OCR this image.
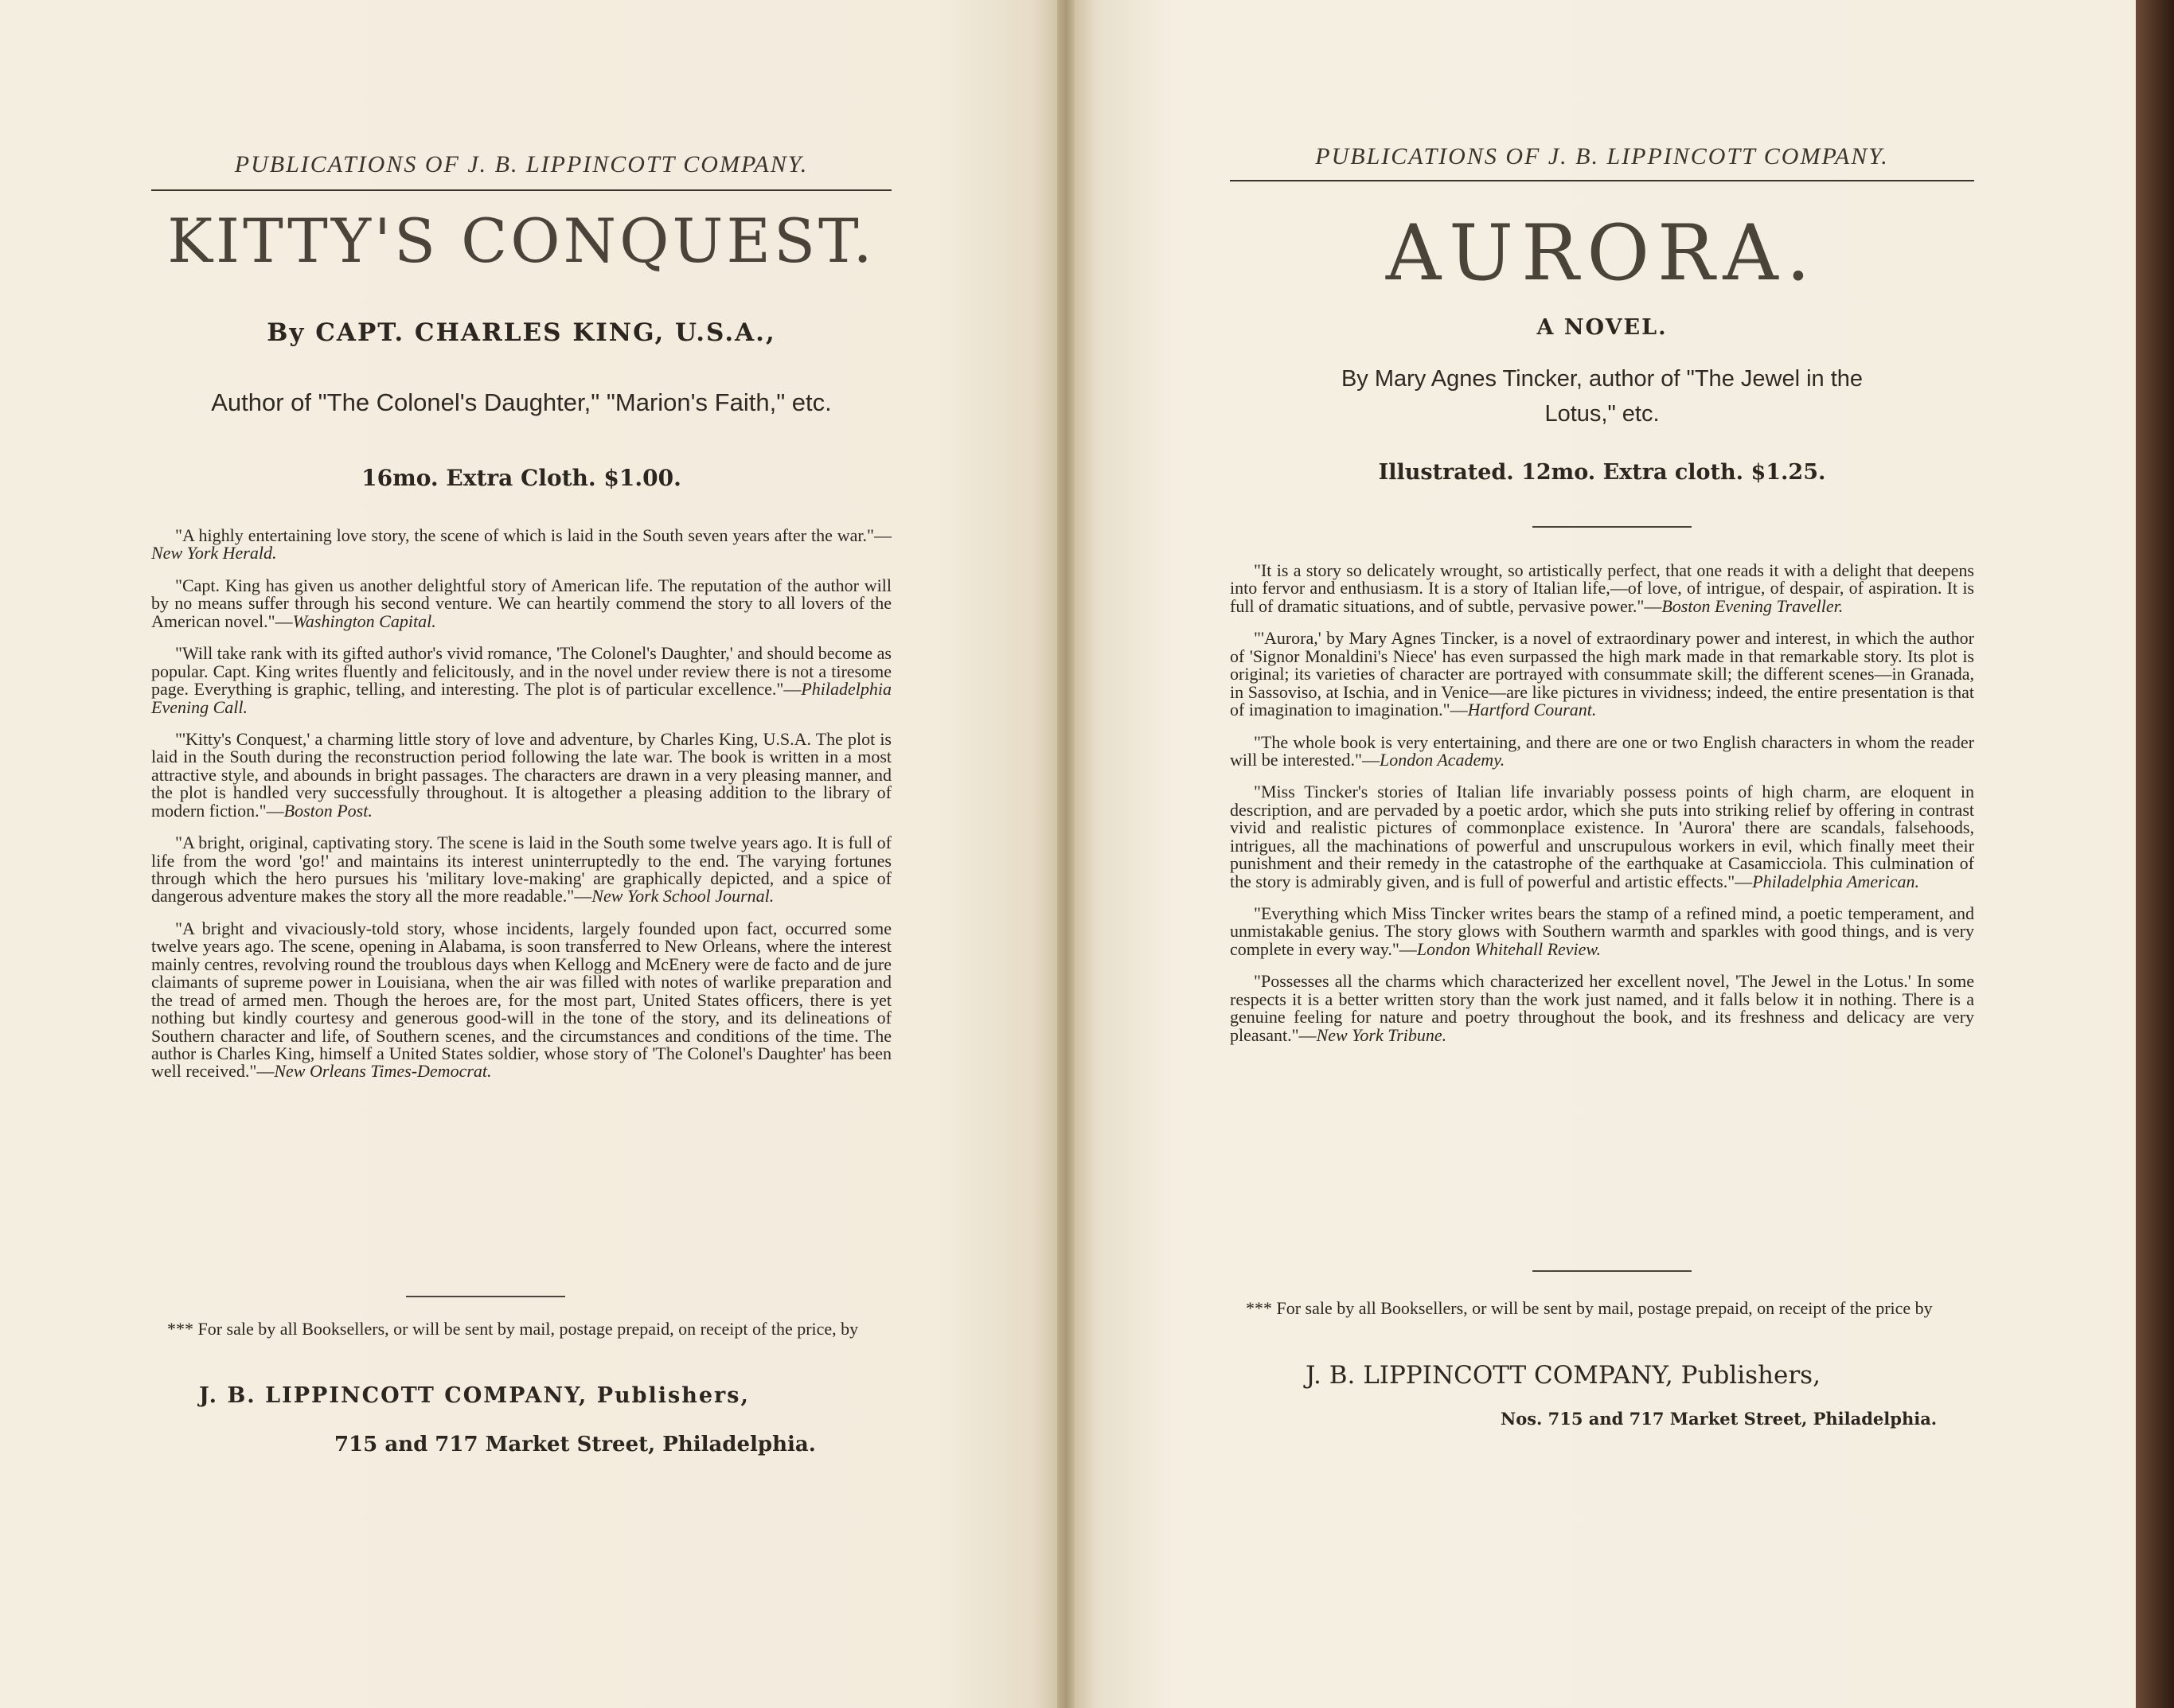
PUBLICATIONS OF J. B. LIPPINCOTT COMPANY.
KITTY'S CONQUEST.
By CAPT. CHARLES KING, U.S.A.,
Author of "The Colonel's Daughter," "Marion's Faith," etc.
16mo. Extra Cloth. $1.00.

"A highly entertaining love story, the scene of which is laid in the South seven years after the war."—New York Herald.

"Capt. King has given us another delightful story of American life. The reputation of the author will by no means suffer through his second venture. We can heartily commend the story to all lovers of the American novel."—Washington Capital.

"Will take rank with its gifted author's vivid romance, 'The Colonel's Daughter,' and should become as popular. Capt. King writes fluently and felicitously, and in the novel under review there is not a tiresome page. Everything is graphic, telling, and interesting. The plot is of particular excellence."—Philadelphia Evening Call.

"'Kitty's Conquest,' a charming little story of love and adventure, by Charles King, U.S.A. The plot is laid in the South during the reconstruction period following the late war. The book is written in a most attractive style, and abounds in bright passages. The characters are drawn in a very pleasing manner, and the plot is handled very successfully throughout. It is altogether a pleasing addition to the library of modern fiction."—Boston Post.

"A bright, original, captivating story. The scene is laid in the South some twelve years ago. It is full of life from the word 'go!' and maintains its interest uninterruptedly to the end. The varying fortunes through which the hero pursues his 'military love-making' are graphically depicted, and a spice of dangerous adventure makes the story all the more readable."—New York School Journal.

"A bright and vivaciously-told story, whose incidents, largely founded upon fact, occurred some twelve years ago. The scene, opening in Alabama, is soon transferred to New Orleans, where the interest mainly centres, revolving round the troublous days when Kellogg and McEnery were de facto and de jure claimants of supreme power in Louisiana, when the air was filled with notes of warlike preparation and the tread of armed men. Though the heroes are, for the most part, United States officers, there is yet nothing but kindly courtesy and generous good-will in the tone of the story, and its delineations of Southern character and life, of Southern scenes, and the circumstances and conditions of the time. The author is Charles King, himself a United States soldier, whose story of 'The Colonel's Daughter' has been well received."—New Orleans Times-Democrat.

*** For sale by all Booksellers, or will be sent by mail, postage prepaid, on receipt of the price, by

J. B. LIPPINCOTT COMPANY, Publishers,
715 and 717 Market Street, Philadelphia.
PUBLICATIONS OF J. B. LIPPINCOTT COMPANY.
AURORA.
A NOVEL.
By Mary Agnes Tincker, author of "The Jewel in the
Lotus," etc.
Illustrated. 12mo. Extra cloth. $1.25.

"It is a story so delicately wrought, so artistically perfect, that one reads it with a delight that deepens into fervor and enthusiasm. It is a story of Italian life,—of love, of intrigue, of despair, of aspiration. It is full of dramatic situations, and of subtle, pervasive power."—Boston Evening Traveller.

"'Aurora,' by Mary Agnes Tincker, is a novel of extraordinary power and interest, in which the author of 'Signor Monaldini's Niece' has even surpassed the high mark made in that remarkable story. Its plot is original; its varieties of character are portrayed with consummate skill; the different scenes—in Granada, in Sassoviso, at Ischia, and in Venice—are like pictures in vividness; indeed, the entire presentation is that of imagination to imagination."—Hartford Courant.

"The whole book is very entertaining, and there are one or two English characters in whom the reader will be interested."—London Academy.

"Miss Tincker's stories of Italian life invariably possess points of high charm, are eloquent in description, and are pervaded by a poetic ardor, which she puts into striking relief by offering in contrast vivid and realistic pictures of commonplace existence. In 'Aurora' there are scandals, falsehoods, intrigues, all the machinations of powerful and unscrupulous workers in evil, which finally meet their punishment and their remedy in the catastrophe of the earthquake at Casamicciola. This culmination of the story is admirably given, and is full of powerful and artistic effects."—Philadelphia American.

"Everything which Miss Tincker writes bears the stamp of a refined mind, a poetic temperament, and unmistakable genius. The story glows with Southern warmth and sparkles with good things, and is very complete in every way."—London Whitehall Review.

"Possesses all the charms which characterized her excellent novel, 'The Jewel in the Lotus.' In some respects it is a better written story than the work just named, and it falls below it in nothing. There is a genuine feeling for nature and poetry throughout the book, and its freshness and delicacy are very pleasant."—New York Tribune.

*** For sale by all Booksellers, or will be sent by mail, postage prepaid, on receipt of the price by

J. B. LIPPINCOTT COMPANY, Publishers,
Nos. 715 and 717 Market Street, Philadelphia.
